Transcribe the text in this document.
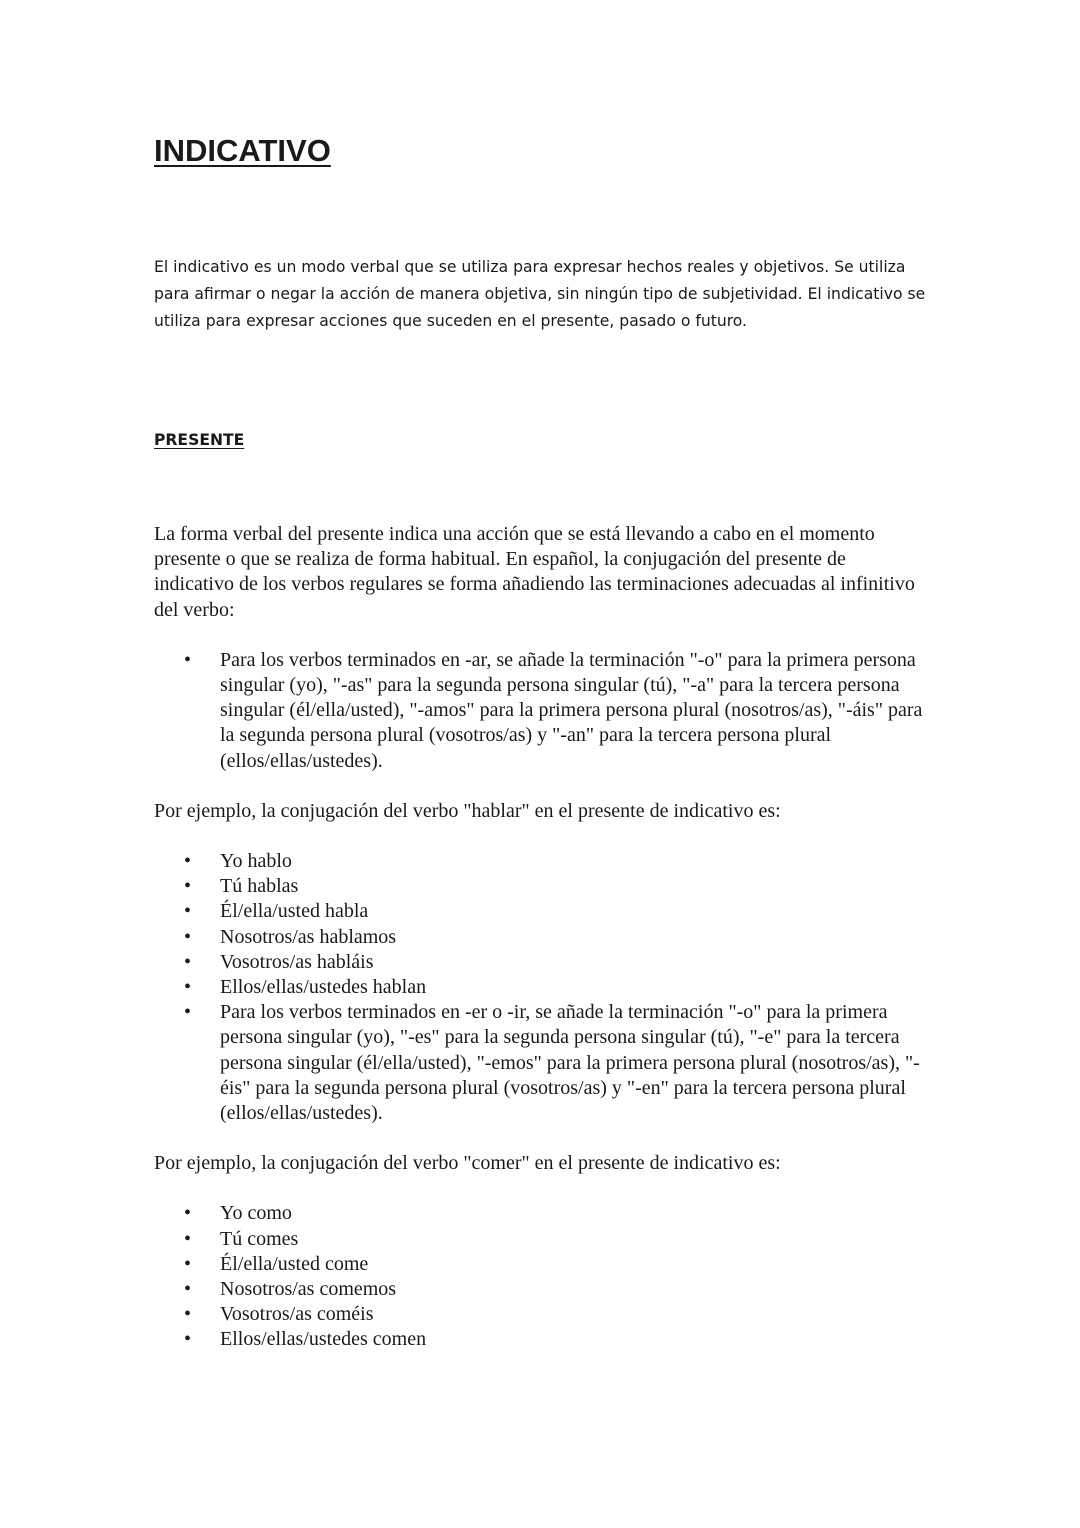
INDICATIVO

El indicativo es un modo verbal que se utiliza para expresar hechos reales y objetivos. Se utiliza para afirmar o negar la acción de manera objetiva, sin ningún tipo de subjetividad. El indicativo se utiliza para expresar acciones que suceden en el presente, pasado o futuro.

PRESENTE

La forma verbal del presente indica una acción que se está llevando a cabo en el momento presente o que se realiza de forma habitual. En español, la conjugación del presente de indicativo de los verbos regulares se forma añadiendo las terminaciones adecuadas al infinitivo del verbo:

• Para los verbos terminados en -ar, se añade la terminación "-o" para la primera persona singular (yo), "-as" para la segunda persona singular (tú), "-a" para la tercera persona singular (él/ella/usted), "-amos" para la primera persona plural (nosotros/as), "-áis" para la segunda persona plural (vosotros/as) y "-an" para la tercera persona plural (ellos/ellas/ustedes).

Por ejemplo, la conjugación del verbo "hablar" en el presente de indicativo es:

• Yo hablo
• Tú hablas
• Él/ella/usted habla
• Nosotros/as hablamos
• Vosotros/as habláis
• Ellos/ellas/ustedes hablan
• Para los verbos terminados en -er o -ir, se añade la terminación "-o" para la primera persona singular (yo), "-es" para la segunda persona singular (tú), "-e" para la tercera persona singular (él/ella/usted), "-emos" para la primera persona plural (nosotros/as), "-éis" para la segunda persona plural (vosotros/as) y "-en" para la tercera persona plural (ellos/ellas/ustedes).

Por ejemplo, la conjugación del verbo "comer" en el presente de indicativo es:

• Yo como
• Tú comes
• Él/ella/usted come
• Nosotros/as comemos
• Vosotros/as coméis
• Ellos/ellas/ustedes comen
